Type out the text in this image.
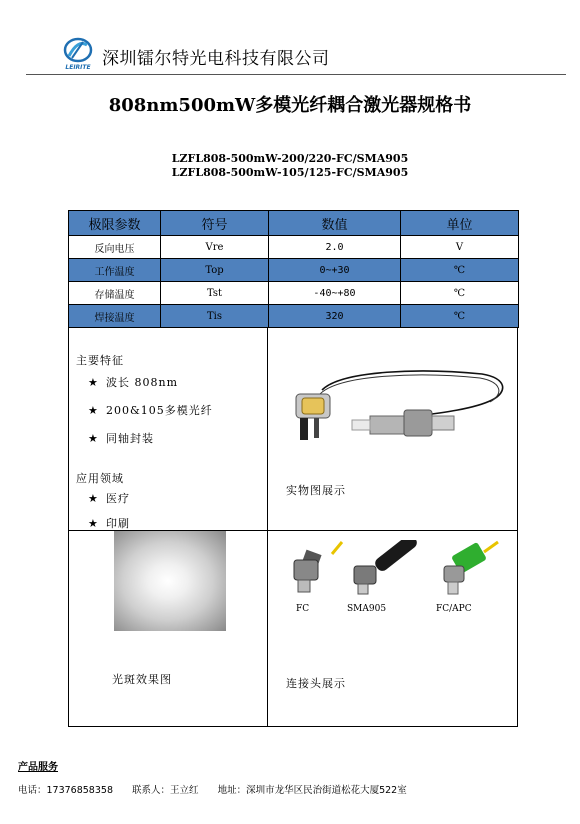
LEIRITE 深圳镭尔特光电科技有限公司
808nm500mW多模光纤耦合激光器规格书
LZFL808-500mW-200/220-FC/SMA905
LZFL808-500mW-105/125-FC/SMA905
极限参数	符号	数值	单位
反向电压	Vre	2.0	V
工作温度	Top	0~+30	℃
存储温度	Tst	-40~+80	℃
焊接温度	Tis	320	℃
主要特征
★ 波长 808nm
★ 200&105多模光纤
★ 同轴封装
应用领域
★ 医疗
★ 印刷
实物图展示
光斑效果图
FC	SMA905	FC/APC
连接头展示
产品服务
电话：17376858358 联系人：王立红 地址：深圳市龙华区民治街道松花大厦522室
